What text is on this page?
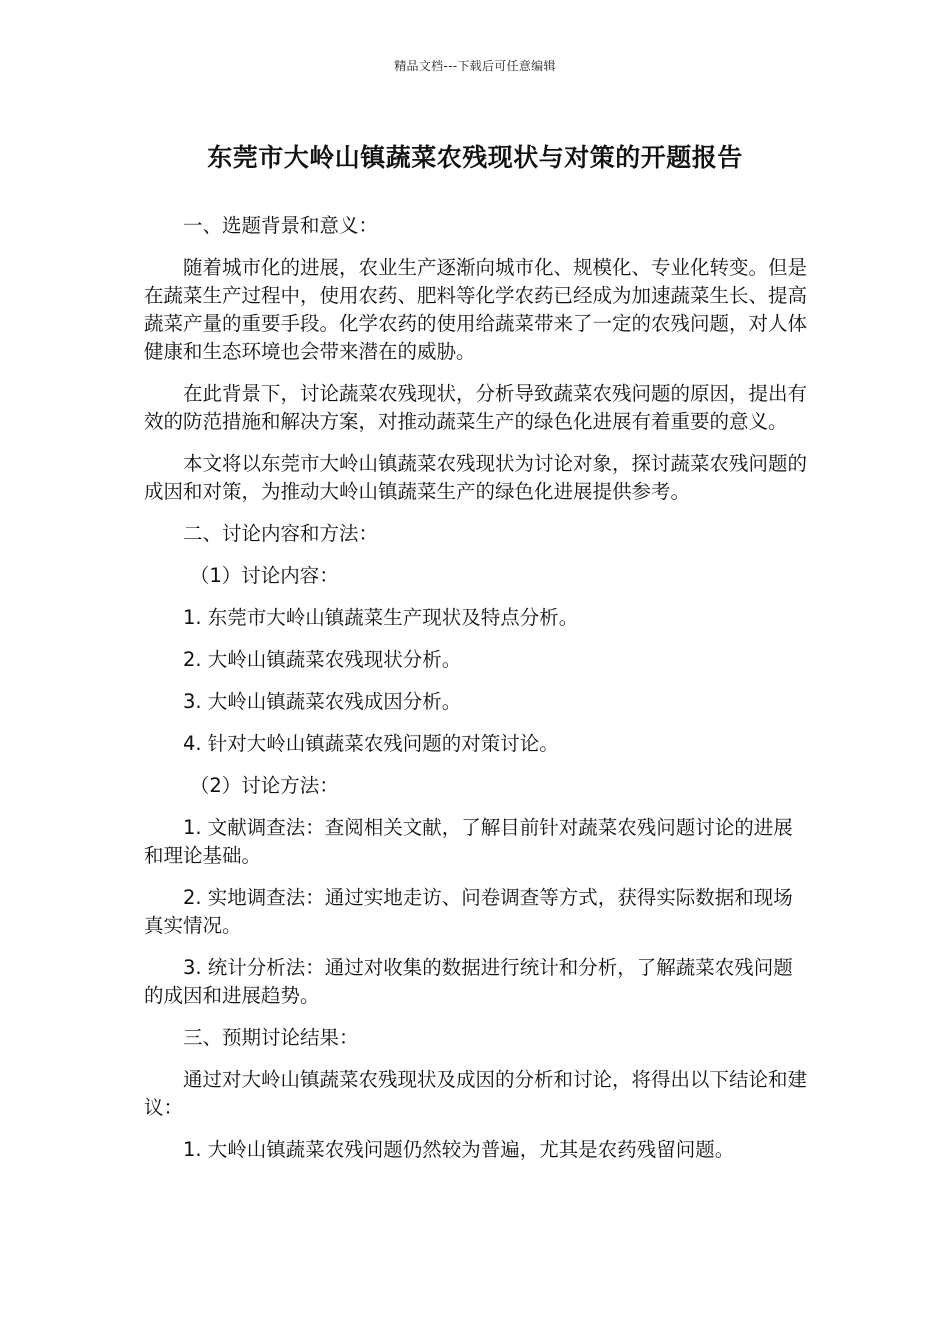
精品文档---下载后可任意编辑
东莞市大岭山镇蔬菜农残现状与对策的开题报告

一、选题背景和意义：

随着城市化的进展，农业生产逐渐向城市化、规模化、专业化转变。但是在蔬菜生产过程中，使用农药、肥料等化学农药已经成为加速蔬菜生长、提高蔬菜产量的重要手段。化学农药的使用给蔬菜带来了一定的农残问题，对人体健康和生态环境也会带来潜在的威胁。

在此背景下，讨论蔬菜农残现状，分析导致蔬菜农残问题的原因，提出有效的防范措施和解决方案，对推动蔬菜生产的绿色化进展有着重要的意义。

本文将以东莞市大岭山镇蔬菜农残现状为讨论对象，探讨蔬菜农残问题的成因和对策，为推动大岭山镇蔬菜生产的绿色化进展提供参考。

二、讨论内容和方法：

（1）讨论内容：

1. 东莞市大岭山镇蔬菜生产现状及特点分析。

2. 大岭山镇蔬菜农残现状分析。

3. 大岭山镇蔬菜农残成因分析。

4. 针对大岭山镇蔬菜农残问题的对策讨论。

（2）讨论方法：

1. 文献调查法：查阅相关文献，了解目前针对蔬菜农残问题讨论的进展和理论基础。

2. 实地调查法：通过实地走访、问卷调查等方式，获得实际数据和现场真实情况。

3. 统计分析法：通过对收集的数据进行统计和分析，了解蔬菜农残问题的成因和进展趋势。

三、预期讨论结果：

通过对大岭山镇蔬菜农残现状及成因的分析和讨论，将得出以下结论和建议：

1. 大岭山镇蔬菜农残问题仍然较为普遍，尤其是农药残留问题。
